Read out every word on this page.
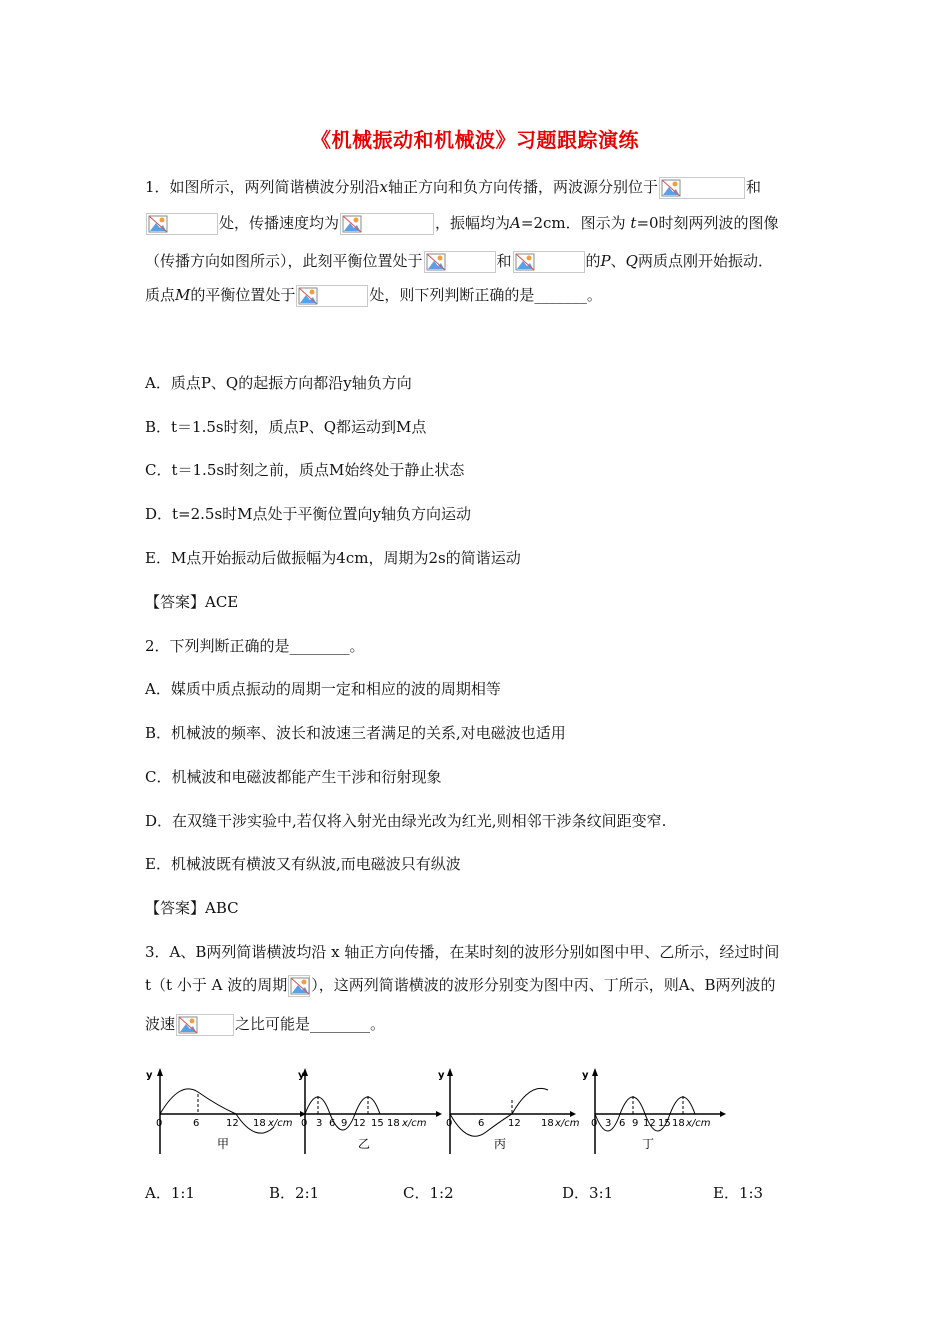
《机械振动和机械波》习题跟踪演练
1．如图所示，两列简谐横波分别沿x轴正方向和负方向传播，两波源分别位于	和
处，传播速度均为	，振幅均为A=2cm．图示为 t=0时刻两列波的图像
（传播方向如图所示），此刻平衡位置处于	和	的P、Q两质点刚开始振动．
质点M的平衡位置处于	处，则下列判断正确的是_______。
A．质点P、Q的起振方向都沿y轴负方向
B．t＝1.5s时刻，质点P、Q都运动到M点
C．t＝1.5s时刻之前，质点M始终处于静止状态
D．t=2.5s时M点处于平衡位置向y轴负方向运动
E．M点开始振动后做振幅为4cm，周期为2s的简谐运动
【答案】ACE
2．下列判断正确的是________。
A．媒质中质点振动的周期一定和相应的波的周期相等
B．机械波的频率、波长和波速三者满足的关系,对电磁波也适用
C．机械波和电磁波都能产生干涉和衍射现象
D．在双缝干涉实验中,若仅将入射光由绿光改为红光,则相邻干涉条纹间距变窄.
E．机械波既有横波又有纵波,而电磁波只有纵波
【答案】ABC
3．A、B两列简谐横波均沿 x 轴正方向传播，在某时刻的波形分别如图中甲、乙所示，经过时间
t（t 小于 A 波的周期 ），这两列简谐横波的波形分别变为图中丙、丁所示，则A、B两列波的
波速	之比可能是________。
y
0	6	12 18 x/cm
甲
y
0 3 6 9 12 15 18 x/cm
乙
y
0	6 12 18 x/cm
丙
y
0 3 6 9 12 15 18 x/cm
丁
A．1:1	B．2:1	C．1:2	D．3:1	E．1:3
